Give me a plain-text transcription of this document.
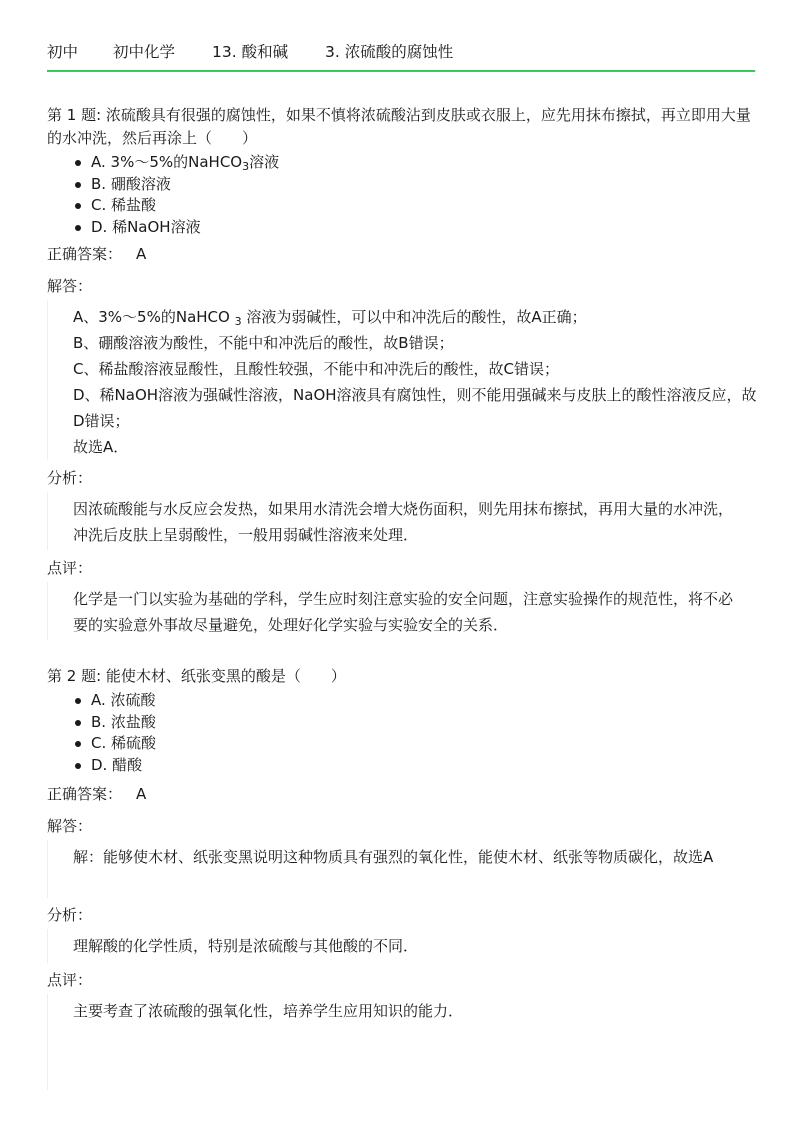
初中	初中化学	13. 酸和碱	3. 浓硫酸的腐蚀性
第 1 题: 浓硫酸具有很强的腐蚀性，如果不慎将浓硫酸沾到皮肤或衣服上，应先用抹布擦拭，再立即用大量的水冲洗，然后再涂上（　　）
A. 3%～5%的NaHCO$_3$溶液
B. 硼酸溶液
C. 稀盐酸
D. 稀NaOH溶液
正确答案： A
解答：

A、3%～5%的NaHCO $_3$ 溶液为弱碱性，可以中和冲洗后的酸性，故A正确；

B、硼酸溶液为酸性，不能中和冲洗后的酸性，故B错误；

C、稀盐酸溶液显酸性，且酸性较强，不能中和冲洗后的酸性，故C错误；

D、稀NaOH溶液为强碱性溶液，NaOH溶液具有腐蚀性，则不能用强碱来与皮肤上的酸性溶液反应，故D错误；

故选A．

分析：

因浓硫酸能与水反应会发热，如果用水清洗会增大烧伤面积，则先用抹布擦拭，再用大量的水冲洗，冲洗后皮肤上呈弱酸性，一般用弱碱性溶液来处理．

点评：

化学是一门以实验为基础的学科，学生应时刻注意实验的安全问题，注意实验操作的规范性，将不必要的实验意外事故尽量避免，处理好化学实验与实验安全的关系．

第 2 题: 能使木材、纸张变黑的酸是（　　）
A. 浓硫酸
B. 浓盐酸
C. 稀硫酸
D. 醋酸
正确答案： A
解答：

解：能够使木材、纸张变黑说明这种物质具有强烈的氧化性，能使木材、纸张等物质碳化，故选A

分析：

理解酸的化学性质，特别是浓硫酸与其他酸的不同．

点评：

主要考查了浓硫酸的强氧化性，培养学生应用知识的能力．
